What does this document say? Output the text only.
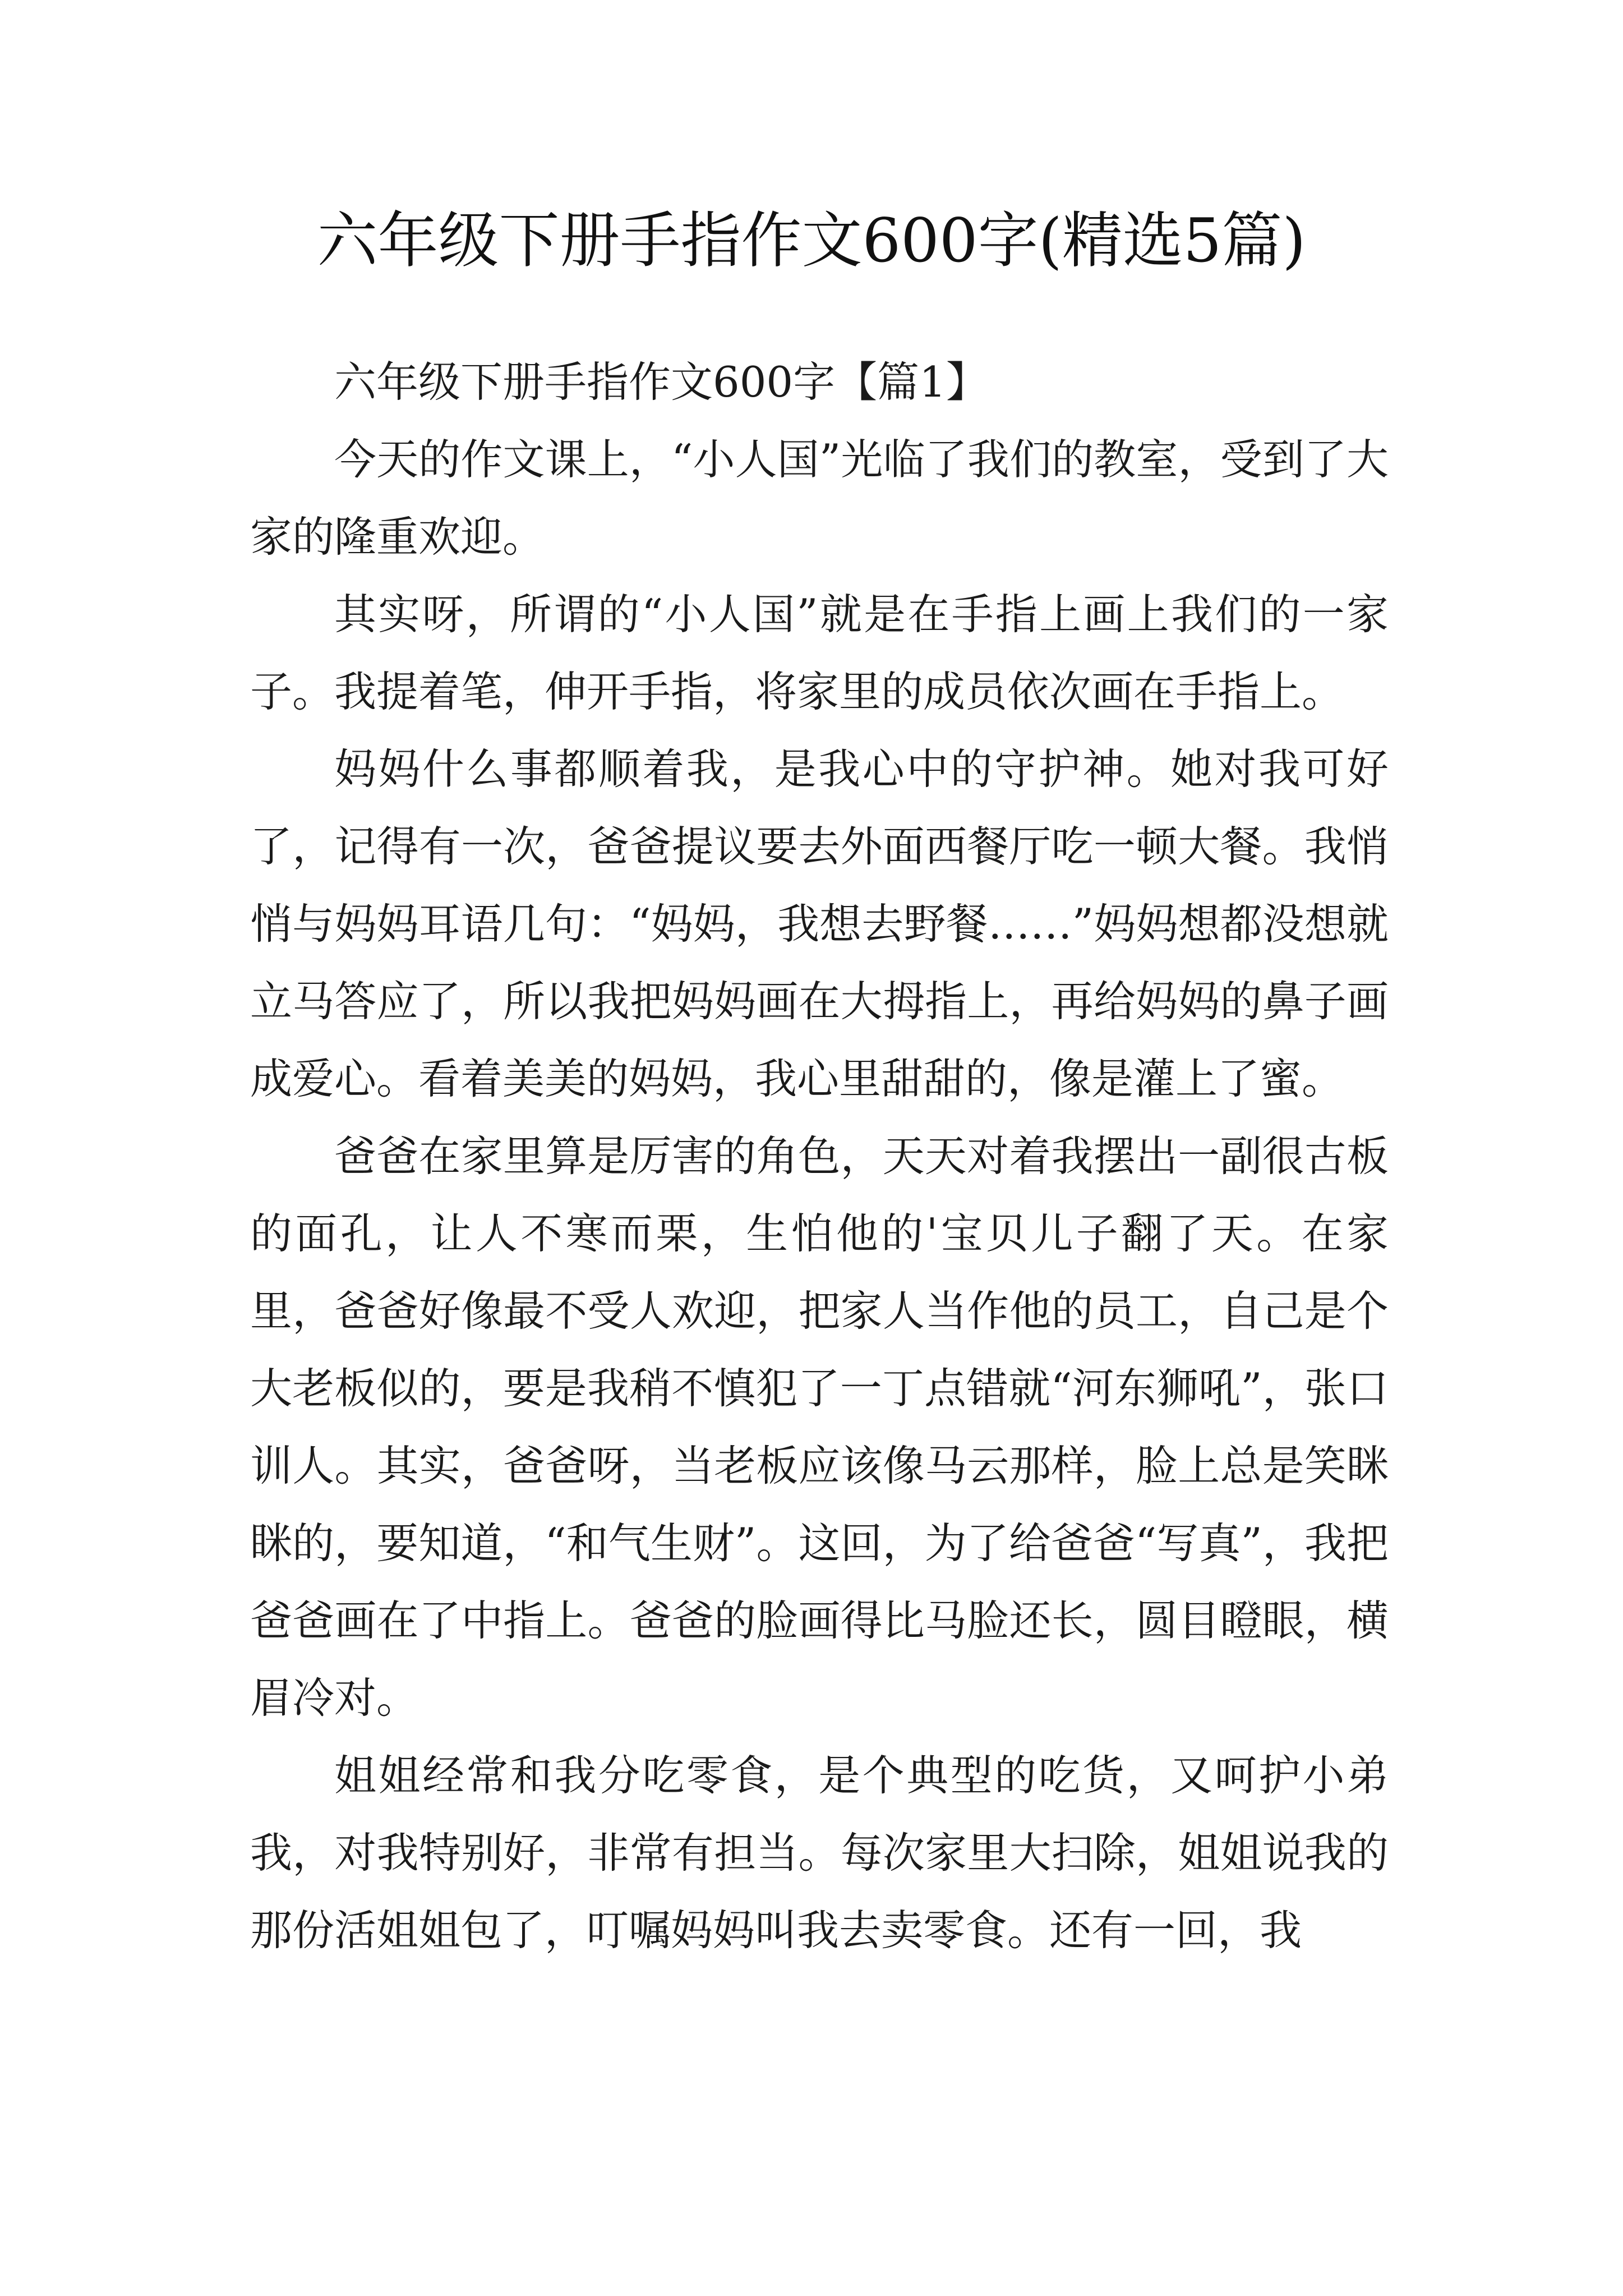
六年级下册手指作文600字(精选5篇)

六年级下册手指作文600字【篇1】

今天的作文课上，“小人国”光临了我们的教室，受到了大家的隆重欢迎。

其实呀，所谓的“小人国”就是在手指上画上我们的一家子。我提着笔，伸开手指，将家里的成员依次画在手指上。

妈妈什么事都顺着我，是我心中的守护神。她对我可好了，记得有一次，爸爸提议要去外面西餐厅吃一顿大餐。我悄悄与妈妈耳语几句：“妈妈，我想去野餐……”妈妈想都没想就立马答应了，所以我把妈妈画在大拇指上，再给妈妈的鼻子画成爱心。看着美美的妈妈，我心里甜甜的，像是灌上了蜜。

爸爸在家里算是厉害的角色，天天对着我摆出一副很古板的面孔，让人不寒而栗，生怕他的'宝贝儿子翻了天。在家里，爸爸好像最不受人欢迎，把家人当作他的员工，自己是个大老板似的，要是我稍不慎犯了一丁点错就“河东狮吼”，张口训人。其实，爸爸呀，当老板应该像马云那样，脸上总是笑眯眯的，要知道，“和气生财”。这回，为了给爸爸“写真”，我把爸爸画在了中指上。爸爸的脸画得比马脸还长，圆目瞪眼，横眉冷对。

姐姐经常和我分吃零食，是个典型的吃货，又呵护小弟我，对我特别好，非常有担当。每次家里大扫除，姐姐说我的那份活姐姐包了，叮嘱妈妈叫我去卖零食。还有一回，我
